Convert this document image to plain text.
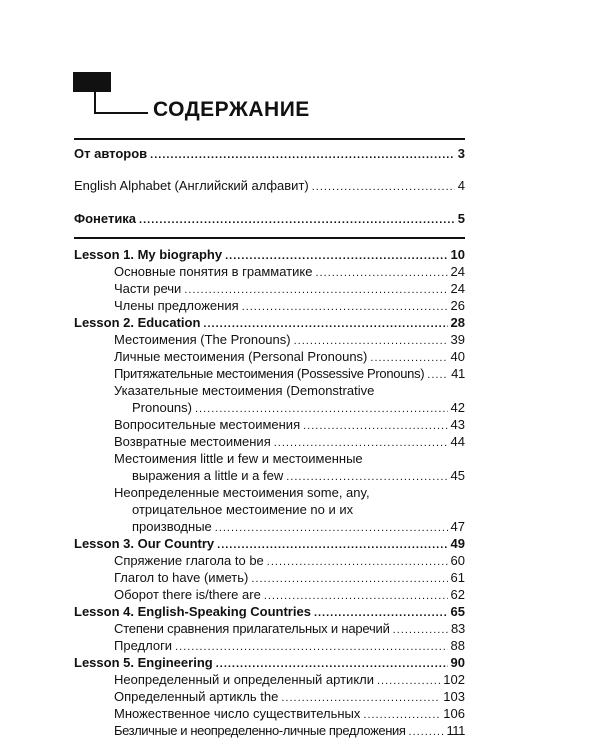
СОДЕРЖАНИЕ
От авторов .....	3
English Alphabet (Английский алфавит) .....	4
Фонетика .....	5
Lesson 1. My biography .....	10
Основные понятия в грамматике .....	24
Части речи .....	24
Члены предложения .....	26
Lesson 2. Education .....	28
Местоимения (The Pronouns) .....	39
Личные местоимения (Personal Pronouns) .....	40
Притяжательные местоимения (Possessive Pronouns) ..... 41
Указательные местоимения (Demonstrative
Pronouns) .....	42
Вопросительные местоимения .....	43
Возвратные местоимения .....	44
Местоимения little и few и местоименные
выражения a little и a few .....	45
Неопределенные местоимения some, any,
отрицательное местоимение no и их
производные .....	47
Lesson 3. Our Country .....	49
Спряжение глагола to be .....	60
Глагол to have (иметь) .....	61
Оборот there is/there are .....	62
Lesson 4. English-Speaking Countries .....	65
Степени сравнения прилагательных и наречий .....	83
Предлоги .....	88
Lesson 5. Engineering .....	90
Неопределенный и определенный артикли .....	102
Определенный артикль the .....	103
Множественное число существительных .....	106
Безличные и неопределенно-личные предложения .....	111
